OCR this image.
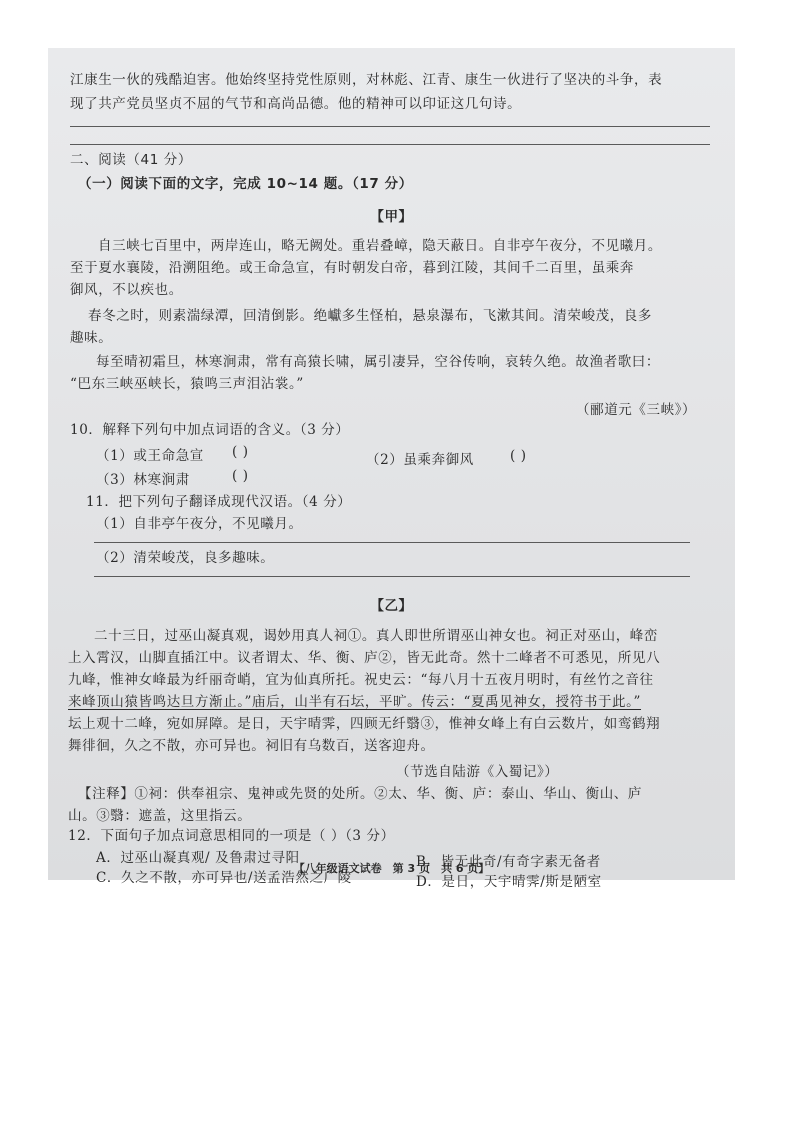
江康生一伙的残酷迫害。他始终坚持党性原则，对林彪、江青、康生一伙进行了坚决的斗争，表
现了共产党员坚贞不屈的气节和高尚品德。他的精神可以印证这几句诗。
二、阅读（41 分）
（一）阅读下面的文字，完成 10~14 题。（17 分）
【甲】
自三峡七百里中，两岸连山，略无阙处。重岩叠嶂，隐天蔽日。自非亭午夜分，不见曦月。
至于夏水襄陵，沿溯阻绝。或王命急宣，有时朝发白帝，暮到江陵，其间千二百里，虽乘奔
御风，不以疾也。
春冬之时，则素湍绿潭，回清倒影。绝巘多生怪柏，悬泉瀑布，飞漱其间。清荣峻茂，良多
趣味。
每至晴初霜旦，林寒涧肃，常有高猿长啸，属引凄异，空谷传响，哀转久绝。故渔者歌曰：
“巴东三峡巫峡长，猿鸣三声泪沾裳。”
（郦道元《三峡》）
10．解释下列句中加点词语的含义。（3 分）
（1）或王命急宣 ( )	（2）虽乘奔御风	( )
（3）林寒涧肃	( )
11．把下列句子翻译成现代汉语。（4 分）
（1）自非亭午夜分，不见曦月。
（2）清荣峻茂，良多趣味。
【乙】
二十三日，过巫山凝真观，谒妙用真人祠①。真人即世所谓巫山神女也。祠正对巫山，峰峦
上入霄汉，山脚直插江中。议者谓太、华、衡、庐②，皆无此奇。然十二峰者不可悉见，所见八
九峰，惟神女峰最为纤丽奇峭，宜为仙真所托。祝史云：“每八月十五夜月明时，有丝竹之音往
来峰顶山猿皆鸣达旦方渐止。”庙后，山半有石坛，平旷。传云：“夏禹见神女，授符书于此。”
坛上观十二峰，宛如屏障。是日，天宇晴霁，四顾无纤翳③，惟神女峰上有白云数片，如鸾鹤翔
舞徘徊，久之不散，亦可异也。祠旧有乌数百，送客迎舟。
（节选自陆游《入蜀记》）
【注释】①祠：供奉祖宗、鬼神或先贤的处所。②太、华、衡、庐：泰山、华山、衡山、庐
山。③翳：遮盖，这里指云。
12．下面句子加点词意思相同的一项是（ ）（3 分）
A．过巫山凝真观/ 及鲁肃过寻阳	B．皆无此奇/有奇字素无备者
C．久之不散，亦可异也/送孟浩然之广陵	D．是日，天宇晴霁/斯是陋室
【八年级语文试卷　第 3 页　共 6 页】
